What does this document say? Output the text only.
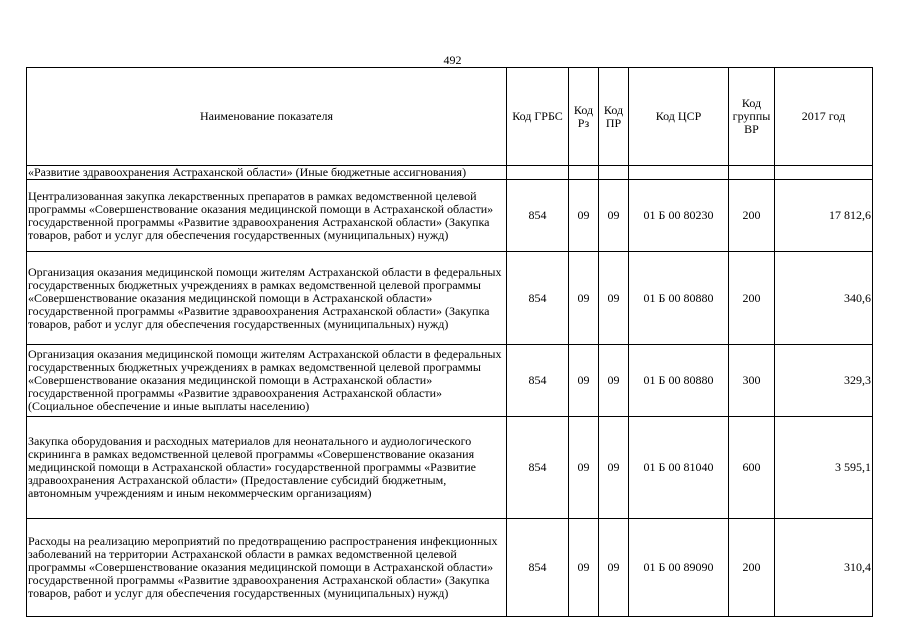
492
Наименование показателя	Код ГРБС	Код Рз	Код ПР	Код ЦСР	Код группы ВР	2017 год
«Развитие здравоохранения Астраханской области» (Иные бюджетные ассигнования)						
Централизованная закупка лекарственных препаратов в рамках ведомственной целевой программы «Совершенствование оказания медицинской помощи в Астраханской области» государственной программы «Развитие здравоохранения Астраханской области» (Закупка товаров, работ и услуг для обеспечения государственных (муниципальных) нужд)	854	09	09	01 Б 00 80230	200	17 812,6
Организация оказания медицинской помощи жителям Астраханской области в федеральных государственных бюджетных учреждениях в рамках ведомственной целевой программы «Совершенствование оказания медицинской помощи в Астраханской области» государственной программы «Развитие здравоохранения Астраханской области» (Закупка товаров, работ и услуг для обеспечения государственных (муниципальных) нужд)	854	09	09	01 Б 00 80880	200	340,6
Организация оказания медицинской помощи жителям Астраханской области в федеральных государственных бюджетных учреждениях в рамках ведомственной целевой программы «Совершенствование оказания медицинской помощи в Астраханской области» государственной программы «Развитие здравоохранения Астраханской области» (Социальное обеспечение и иные выплаты населению)	854	09	09	01 Б 00 80880	300	329,3
Закупка оборудования и расходных материалов для неонатального и аудиологического скрининга в рамках ведомственной целевой программы «Совершенствование оказания медицинской помощи в Астраханской области» государственной программы «Развитие здравоохранения Астраханской области» (Предоставление субсидий бюджетным, автономным учреждениям и иным некоммерческим организациям)	854	09	09	01 Б 00 81040	600	3 595,1
Расходы на реализацию мероприятий по предотвращению распространения инфекционных заболеваний на территории Астраханской области в рамках ведомственной целевой программы «Совершенствование оказания медицинской помощи в Астраханской области» государственной программы «Развитие здравоохранения Астраханской области» (Закупка товаров, работ и услуг для обеспечения государственных (муниципальных) нужд)	854	09	09	01 Б 00 89090	200	310,4
